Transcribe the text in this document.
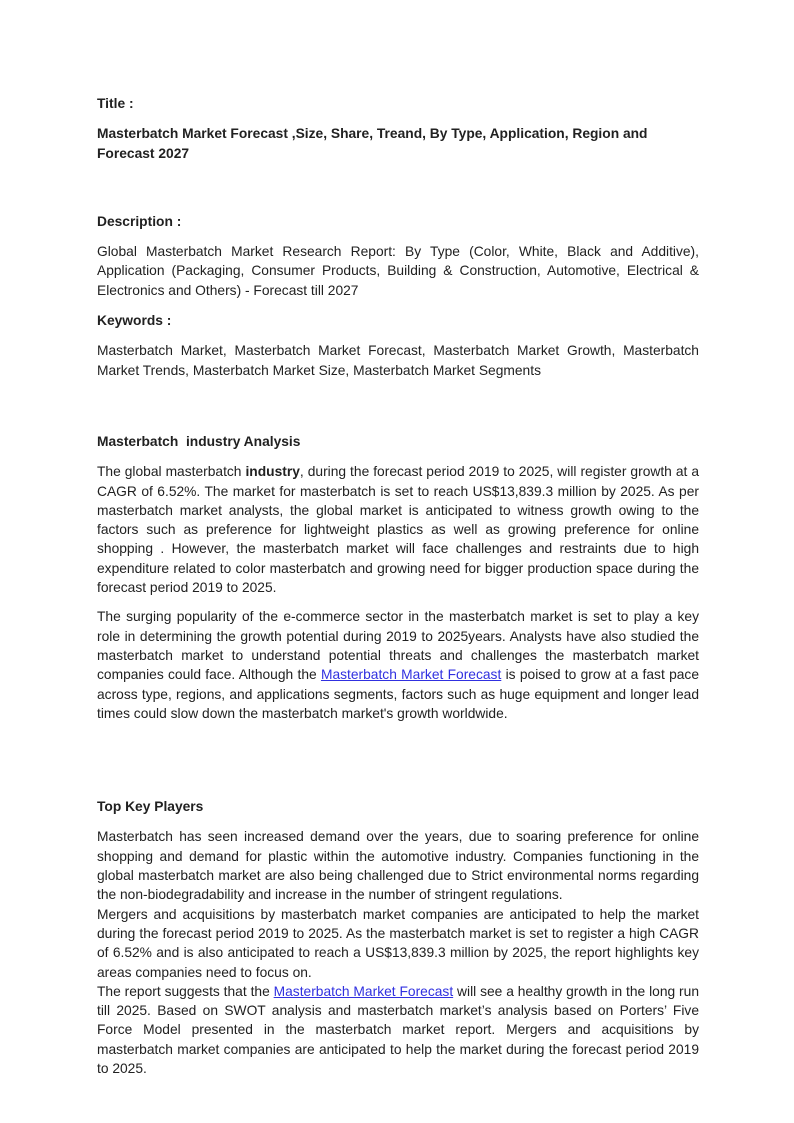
Title :

Masterbatch Market Forecast ,Size, Share, Treand, By Type, Application, Region and Forecast 2027

Description :

Global Masterbatch Market Research Report: By Type (Color, White, Black and Additive), Application (Packaging, Consumer Products, Building & Construction, Automotive, Electrical & Electronics and Others) - Forecast till 2027

Keywords :

Masterbatch Market, Masterbatch Market Forecast, Masterbatch Market Growth, Masterbatch Market Trends, Masterbatch Market Size, Masterbatch Market Segments

Masterbatch  industry Analysis

The global masterbatch industry, during the forecast period 2019 to 2025, will register growth at a CAGR of 6.52%. The market for masterbatch is set to reach US$13,839.3 million by 2025. As per masterbatch market analysts, the global market is anticipated to witness growth owing to the factors such as preference for lightweight plastics as well as growing preference for online shopping . However, the masterbatch market will face challenges and restraints due to high expenditure related to color masterbatch and growing need for bigger production space during the forecast period 2019 to 2025.

The surging popularity of the e-commerce sector in the masterbatch market is set to play a key role in determining the growth potential during 2019 to 2025years. Analysts have also studied the masterbatch market to understand potential threats and challenges the masterbatch market companies could face. Although the Masterbatch Market Forecast is poised to grow at a fast pace across type, regions, and applications segments, factors such as huge equipment and longer lead times could slow down the masterbatch market's growth worldwide.

Top Key Players

Masterbatch has seen increased demand over the years, due to soaring preference for online shopping and demand for plastic within the automotive industry. Companies functioning in the global masterbatch market are also being challenged due to Strict environmental norms regarding the non-biodegradability and increase in the number of stringent regulations.

Mergers and acquisitions by masterbatch market companies are anticipated to help the market during the forecast period 2019 to 2025. As the masterbatch market is set to register a high CAGR of 6.52% and is also anticipated to reach a US$13,839.3 million by 2025, the report highlights key areas companies need to focus on.

The report suggests that the Masterbatch Market Forecast will see a healthy growth in the long run till 2025. Based on SWOT analysis and masterbatch market’s analysis based on Porters’ Five Force Model presented in the masterbatch market report. Mergers and acquisitions by masterbatch market companies are anticipated to help the market during the forecast period 2019 to 2025.
